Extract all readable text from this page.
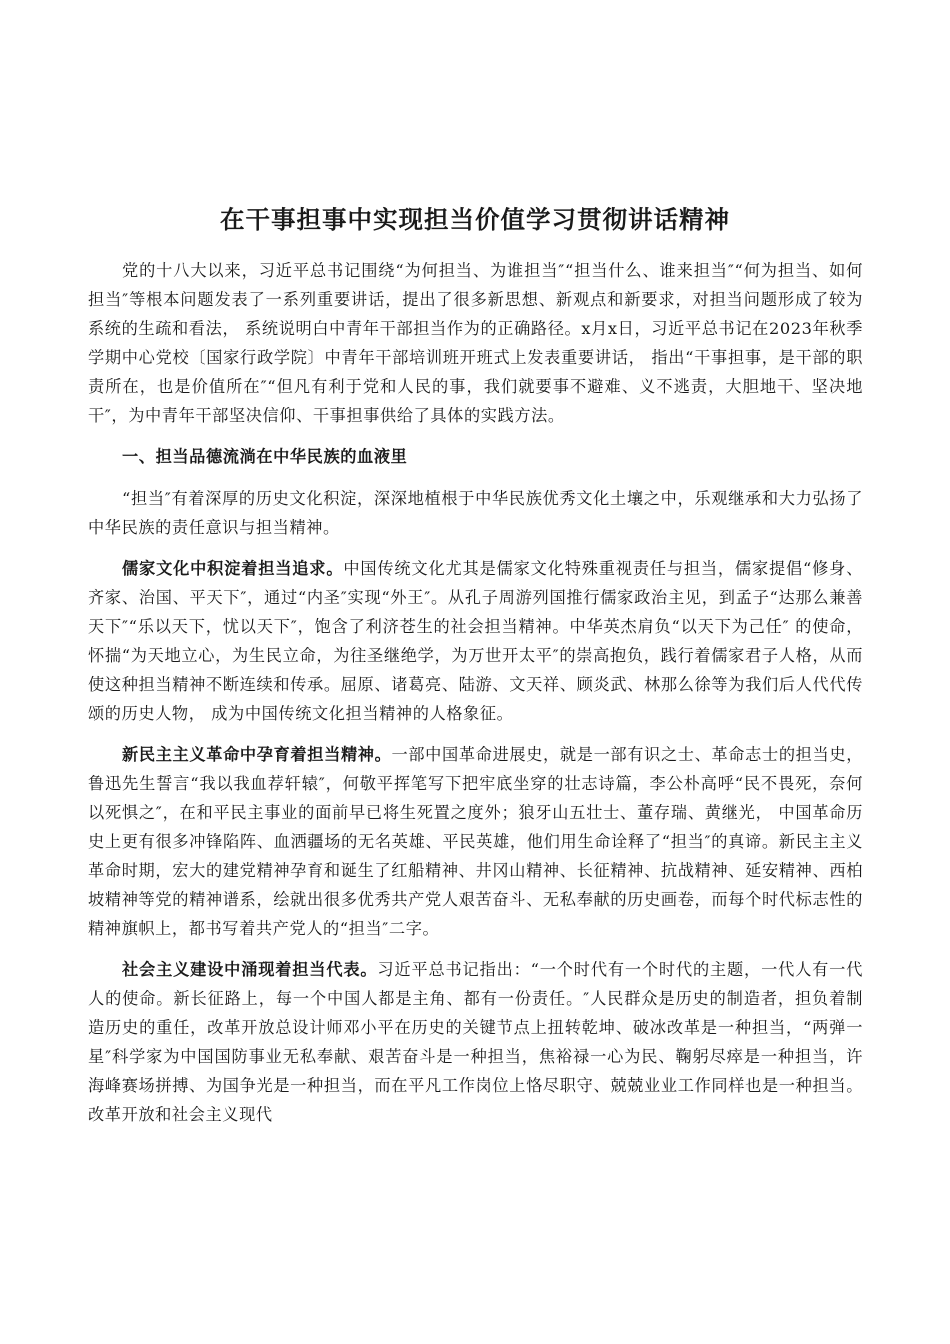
在干事担事中实现担当价值学习贯彻讲话精神

党的十八大以来，习近平总书记围绕“为何担当、为谁担当″“担当什么、谁来担当″“何为担当、如何担当″等根本问题发表了一系列重要讲话，提出了很多新思想、新观点和新要求，对担当问题形成了较为系统的生疏和看法， 系统说明白中青年干部担当作为的正确路径。x月x日，习近平总书记在2023年秋季学期中心党校〔国家行政学院〕中青年干部培训班开班式上发表重要讲话， 指出“干事担事，是干部的职责所在，也是价值所在″“但凡有利于党和人民的事，我们就要事不避难、义不逃责，大胆地干、坚决地干″，为中青年干部坚决信仰、干事担事供给了具体的实践方法。

一、担当品德流淌在中华民族的血液里

“担当″有着深厚的历史文化积淀，深深地植根于中华民族优秀文化土壤之中，乐观继承和大力弘扬了中华民族的责任意识与担当精神。

儒家文化中积淀着担当追求。中国传统文化尤其是儒家文化特殊重视责任与担当，儒家提倡“修身、齐家、治国、平天下″，通过“内圣″实现“外王″。从孔子周游列国推行儒家政治主见，到孟子“达那么兼善天下″“乐以天下，忧以天下″，饱含了利济苍生的社会担当精神。中华英杰肩负“以天下为己任″ 的使命，怀揣“为天地立心，为生民立命，为往圣继绝学，为万世开太平″的崇高抱负，践行着儒家君子人格，从而使这种担当精神不断连续和传承。屈原、诸葛亮、陆游、文天祥、顾炎武、林那么徐等为我们后人代代传颂的历史人物， 成为中国传统文化担当精神的人格象征。

新民主主义革命中孕育着担当精神。一部中国革命进展史，就是一部有识之士、革命志士的担当史，鲁迅先生誓言“我以我血荐轩辕″，何敬平挥笔写下把牢底坐穿的壮志诗篇，李公朴高呼“民不畏死，奈何以死惧之″，在和平民主事业的面前早已将生死置之度外；狼牙山五壮士、董存瑞、黄继光， 中国革命历史上更有很多冲锋陷阵、血洒疆场的无名英雄、平民英雄，他们用生命诠释了“担当″的真谛。新民主主义革命时期，宏大的建党精神孕育和诞生了红船精神、井冈山精神、长征精神、抗战精神、延安精神、西柏坡精神等党的精神谱系，绘就出很多优秀共产党人艰苦奋斗、无私奉献的历史画卷，而每个时代标志性的精神旗帜上，都书写着共产党人的“担当″二字。

社会主义建设中涌现着担当代表。习近平总书记指出：“一个时代有一个时代的主题，一代人有一代人的使命。新长征路上，每一个中国人都是主角、都有一份责任。″人民群众是历史的制造者，担负着制造历史的重任，改革开放总设计师邓小平在历史的关键节点上扭转乾坤、破冰改革是一种担当，“两弹一星″科学家为中国国防事业无私奉献、艰苦奋斗是一种担当，焦裕禄一心为民、鞠躬尽瘁是一种担当，许海峰赛场拼搏、为国争光是一种担当，而在平凡工作岗位上恪尽职守、兢兢业业工作同样也是一种担当。改革开放和社会主义现代
